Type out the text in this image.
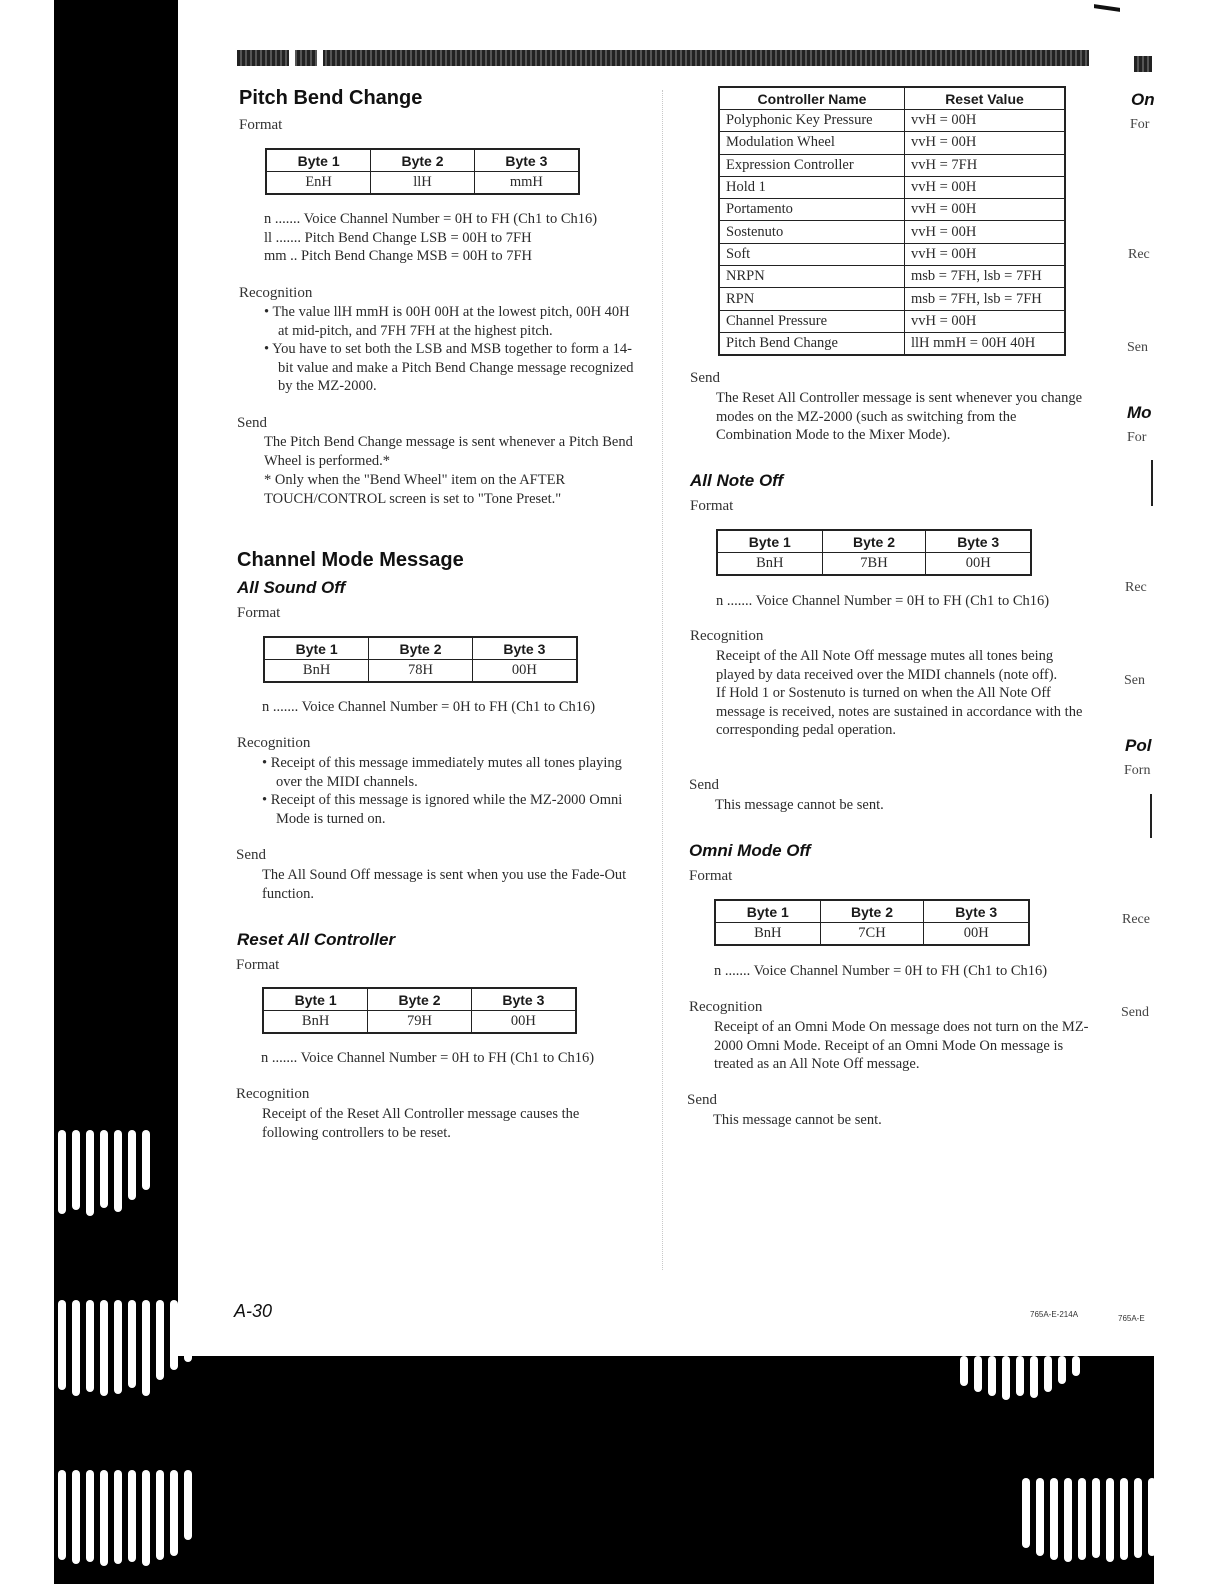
Pitch Bend Change
Format
Byte 1	Byte 2	Byte 3
EnH	llH	mmH
n ....... Voice Channel Number = 0H to FH (Ch1 to Ch16)
ll ....... Pitch Bend Change LSB = 00H to 7FH
mm .. Pitch Bend Change MSB = 00H to 7FH
Recognition
• The value llH mmH is 00H 00H at the lowest pitch, 00H 40H at mid-pitch, and 7FH 7FH at the highest pitch.
• You have to set both the LSB and MSB together to form a 14-bit value and make a Pitch Bend Change message recognized by the MZ-2000.
Send
The Pitch Bend Change message is sent whenever a Pitch Bend Wheel is performed.*
* Only when the "Bend Wheel" item on the AFTER TOUCH/CONTROL screen is set to "Tone Preset."
Channel Mode Message
All Sound Off
Format
Byte 1	Byte 2	Byte 3
BnH	78H	00H
n ....... Voice Channel Number = 0H to FH (Ch1 to Ch16)
Recognition
• Receipt of this message immediately mutes all tones playing over the MIDI channels.
• Receipt of this message is ignored while the MZ-2000 Omni Mode is turned on.
Send
The All Sound Off message is sent when you use the Fade-Out function.
Reset All Controller
Format
Byte 1	Byte 2	Byte 3
BnH	79H	00H
n ....... Voice Channel Number = 0H to FH (Ch1 to Ch16)
Recognition
Receipt of the Reset All Controller message causes the following controllers to be reset.
A-30
Controller Name	Reset Value
Polyphonic Key Pressure	vvH = 00H
Modulation Wheel	vvH = 00H
Expression Controller	vvH = 7FH
Hold 1	vvH = 00H
Portamento	vvH = 00H
Sostenuto	vvH = 00H
Soft	vvH = 00H
NRPN	msb = 7FH, lsb = 7FH
RPN	msb = 7FH, lsb = 7FH
Channel Pressure	vvH = 00H
Pitch Bend Change	llH mmH = 00H 40H
Send
The Reset All Controller message is sent whenever you change modes on the MZ-2000 (such as switching from the Combination Mode to the Mixer Mode).
All Note Off
Format
Byte 1	Byte 2	Byte 3
BnH	7BH	00H
n ....... Voice Channel Number = 0H to FH (Ch1 to Ch16)
Recognition
Receipt of the All Note Off message mutes all tones being played by data received over the MIDI channels (note off).
If Hold 1 or Sostenuto is turned on when the All Note Off message is received, notes are sustained in accordance with the corresponding pedal operation.
Send
This message cannot be sent.
Omni Mode Off
Format
Byte 1	Byte 2	Byte 3
BnH	7CH	00H
n ....... Voice Channel Number = 0H to FH (Ch1 to Ch16)
Recognition
Receipt of an Omni Mode On message does not turn on the MZ-2000 Omni Mode. Receipt of an Omni Mode On message is treated as an All Note Off message.
Send
This message cannot be sent.
765A-E-214A
On
For
Rec
Sen
Mo
For
Rec
Sen
Pol
Forn
Rece
Send
765A-E
